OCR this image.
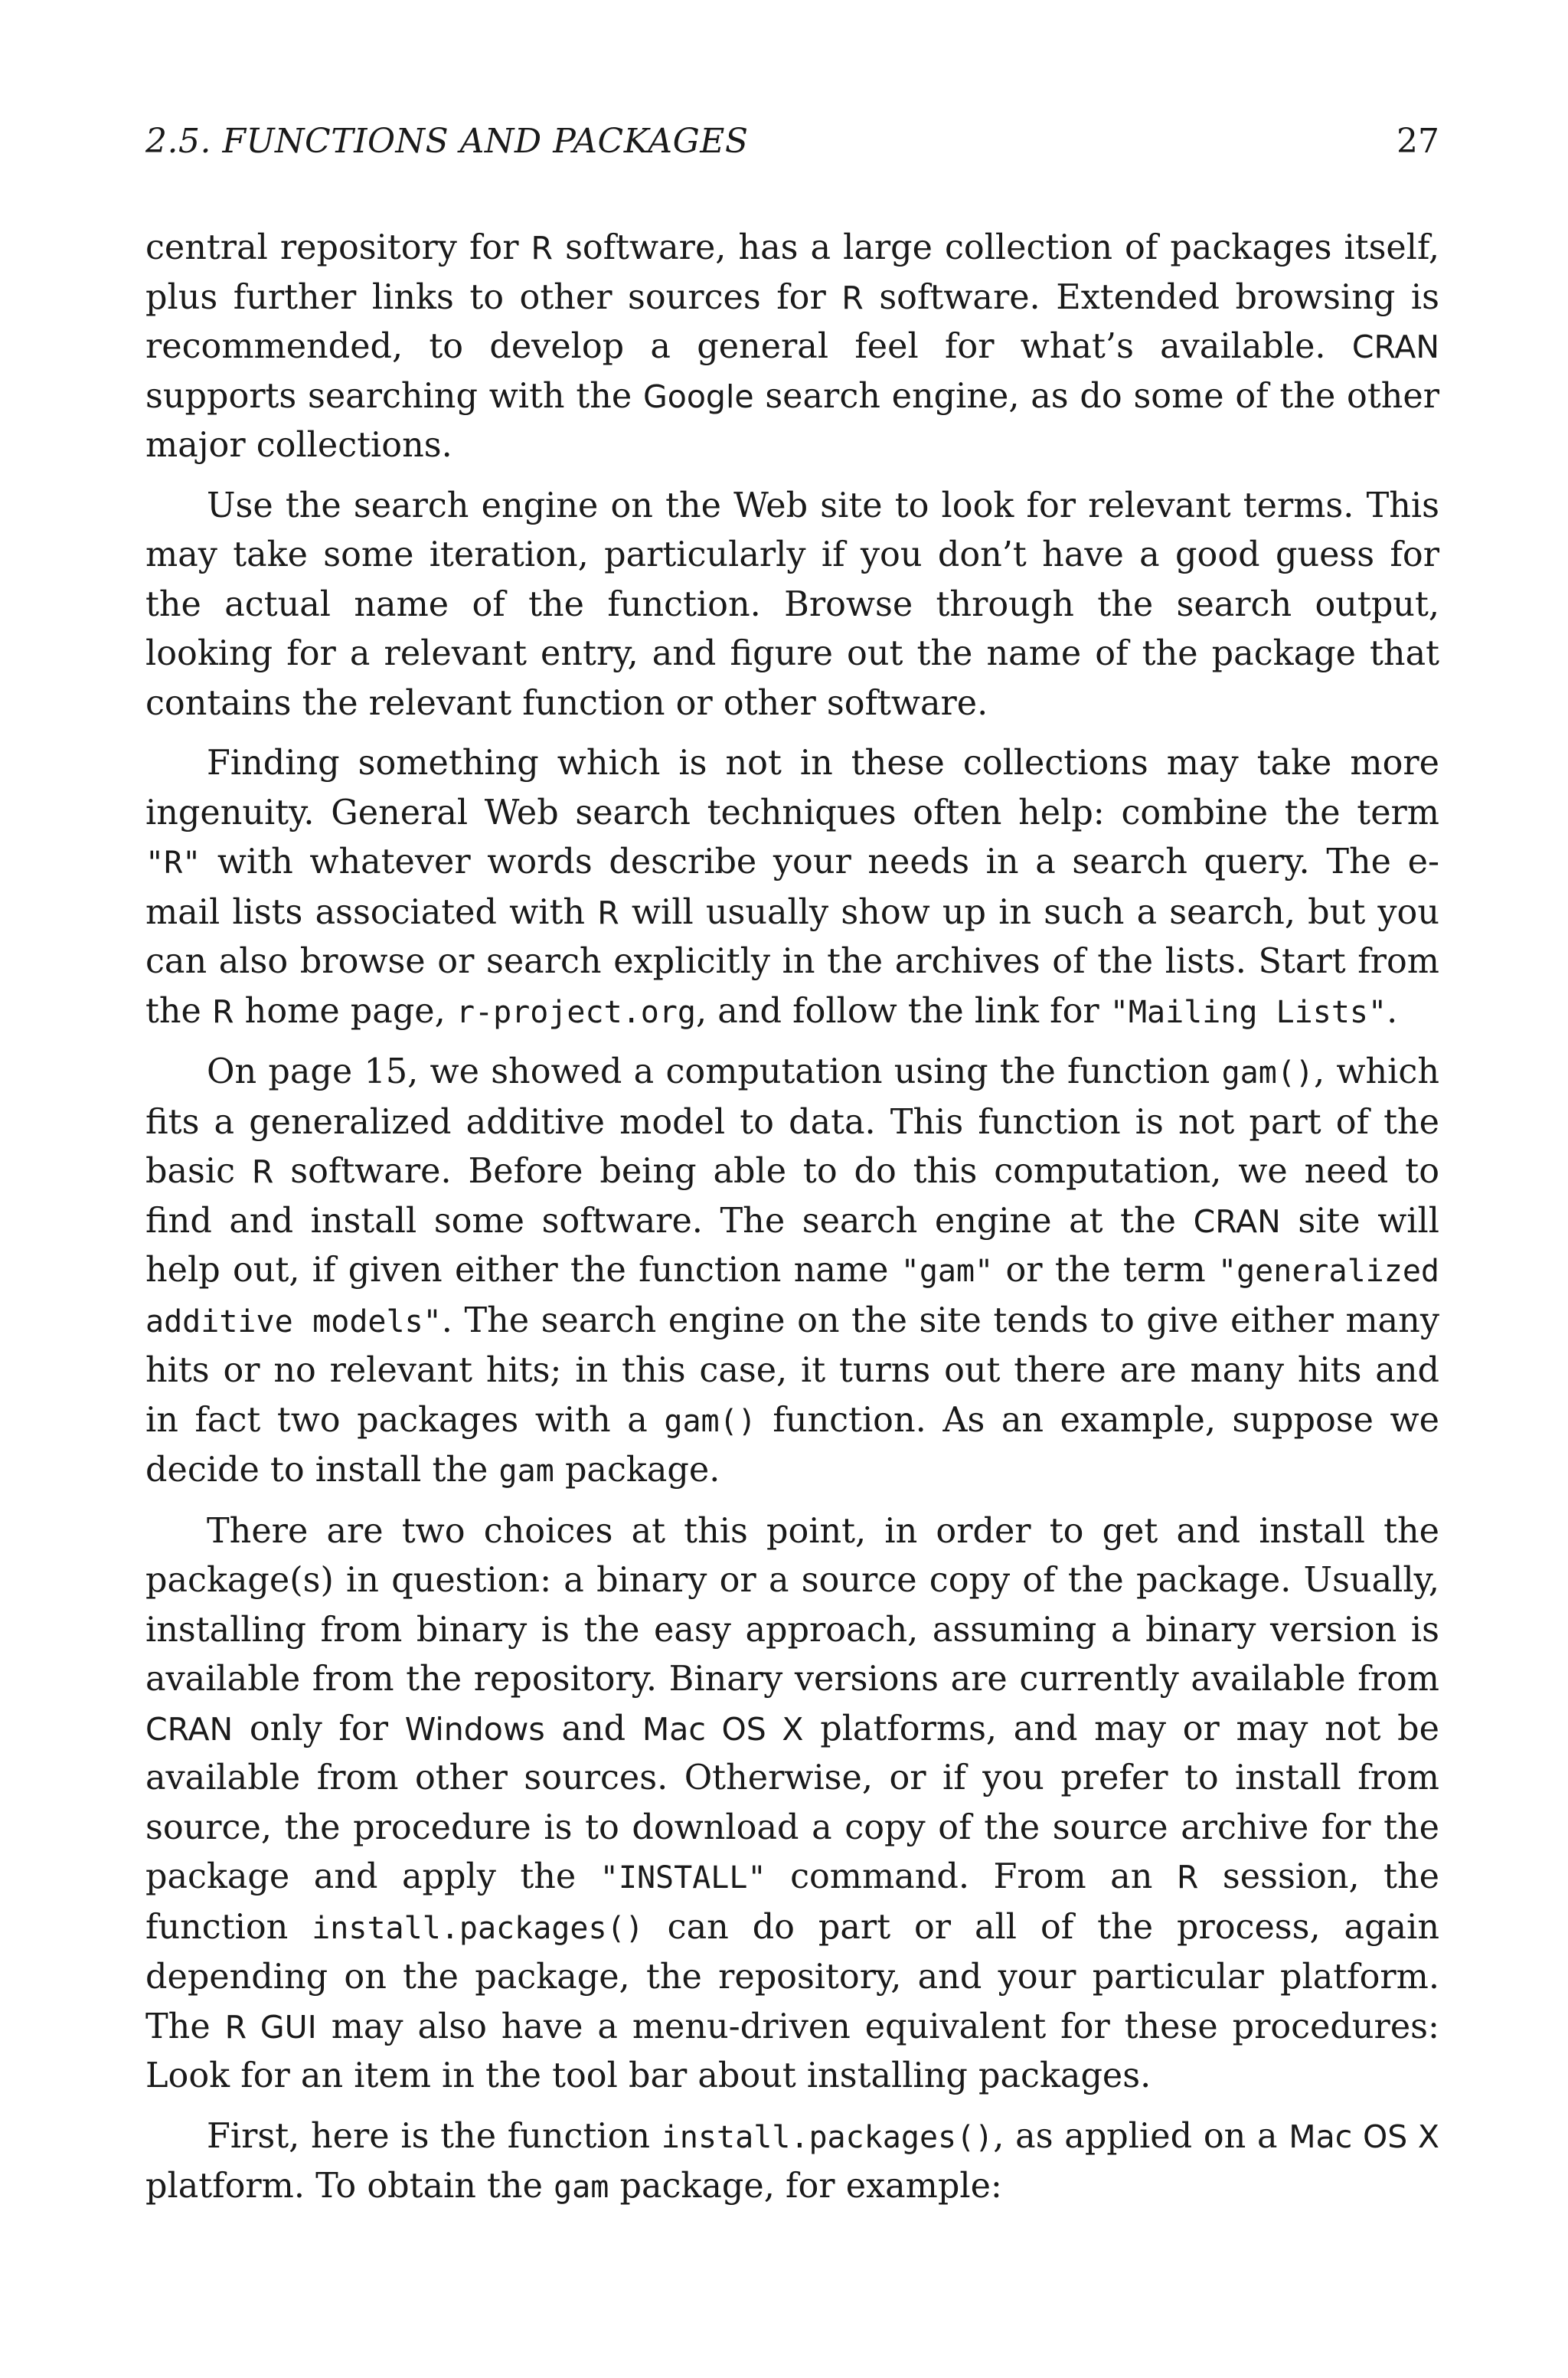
2.5. FUNCTIONS AND PACKAGES	27

central repository for R software, has a large collection of packages itself, plus further links to other sources for R software. Extended browsing is recommended, to develop a general feel for what’s available. CRAN supports searching with the Google search engine, as do some of the other major collections.

Use the search engine on the Web site to look for relevant terms. This may take some iteration, particularly if you don’t have a good guess for the actual name of the function. Browse through the search output, looking for a relevant entry, and figure out the name of the package that contains the relevant function or other software.

Finding something which is not in these collections may take more ingenuity. General Web search techniques often help: combine the term "R" with whatever words describe your needs in a search query. The e-mail lists associated with R will usually show up in such a search, but you can also browse or search explicitly in the archives of the lists. Start from the R home page, r-project.org, and follow the link for "Mailing Lists".

On page 15, we showed a computation using the function gam(), which fits a generalized additive model to data. This function is not part of the basic R software. Before being able to do this computation, we need to find and install some software. The search engine at the CRAN site will help out, if given either the function name "gam" or the term "generalized additive models". The search engine on the site tends to give either many hits or no relevant hits; in this case, it turns out there are many hits and in fact two packages with a gam() function. As an example, suppose we decide to install the gam package.

There are two choices at this point, in order to get and install the package(s) in question: a binary or a source copy of the package. Usually, installing from binary is the easy approach, assuming a binary version is available from the repository. Binary versions are currently available from CRAN only for Windows and Mac OS X platforms, and may or may not be available from other sources. Otherwise, or if you prefer to install from source, the procedure is to download a copy of the source archive for the package and apply the "INSTALL" command. From an R session, the function install.packages() can do part or all of the process, again depending on the package, the repository, and your particular platform. The R GUI may also have a menu-driven equivalent for these procedures: Look for an item in the tool bar about installing packages.

First, here is the function install.packages(), as applied on a Mac OS X platform. To obtain the gam package, for example:
